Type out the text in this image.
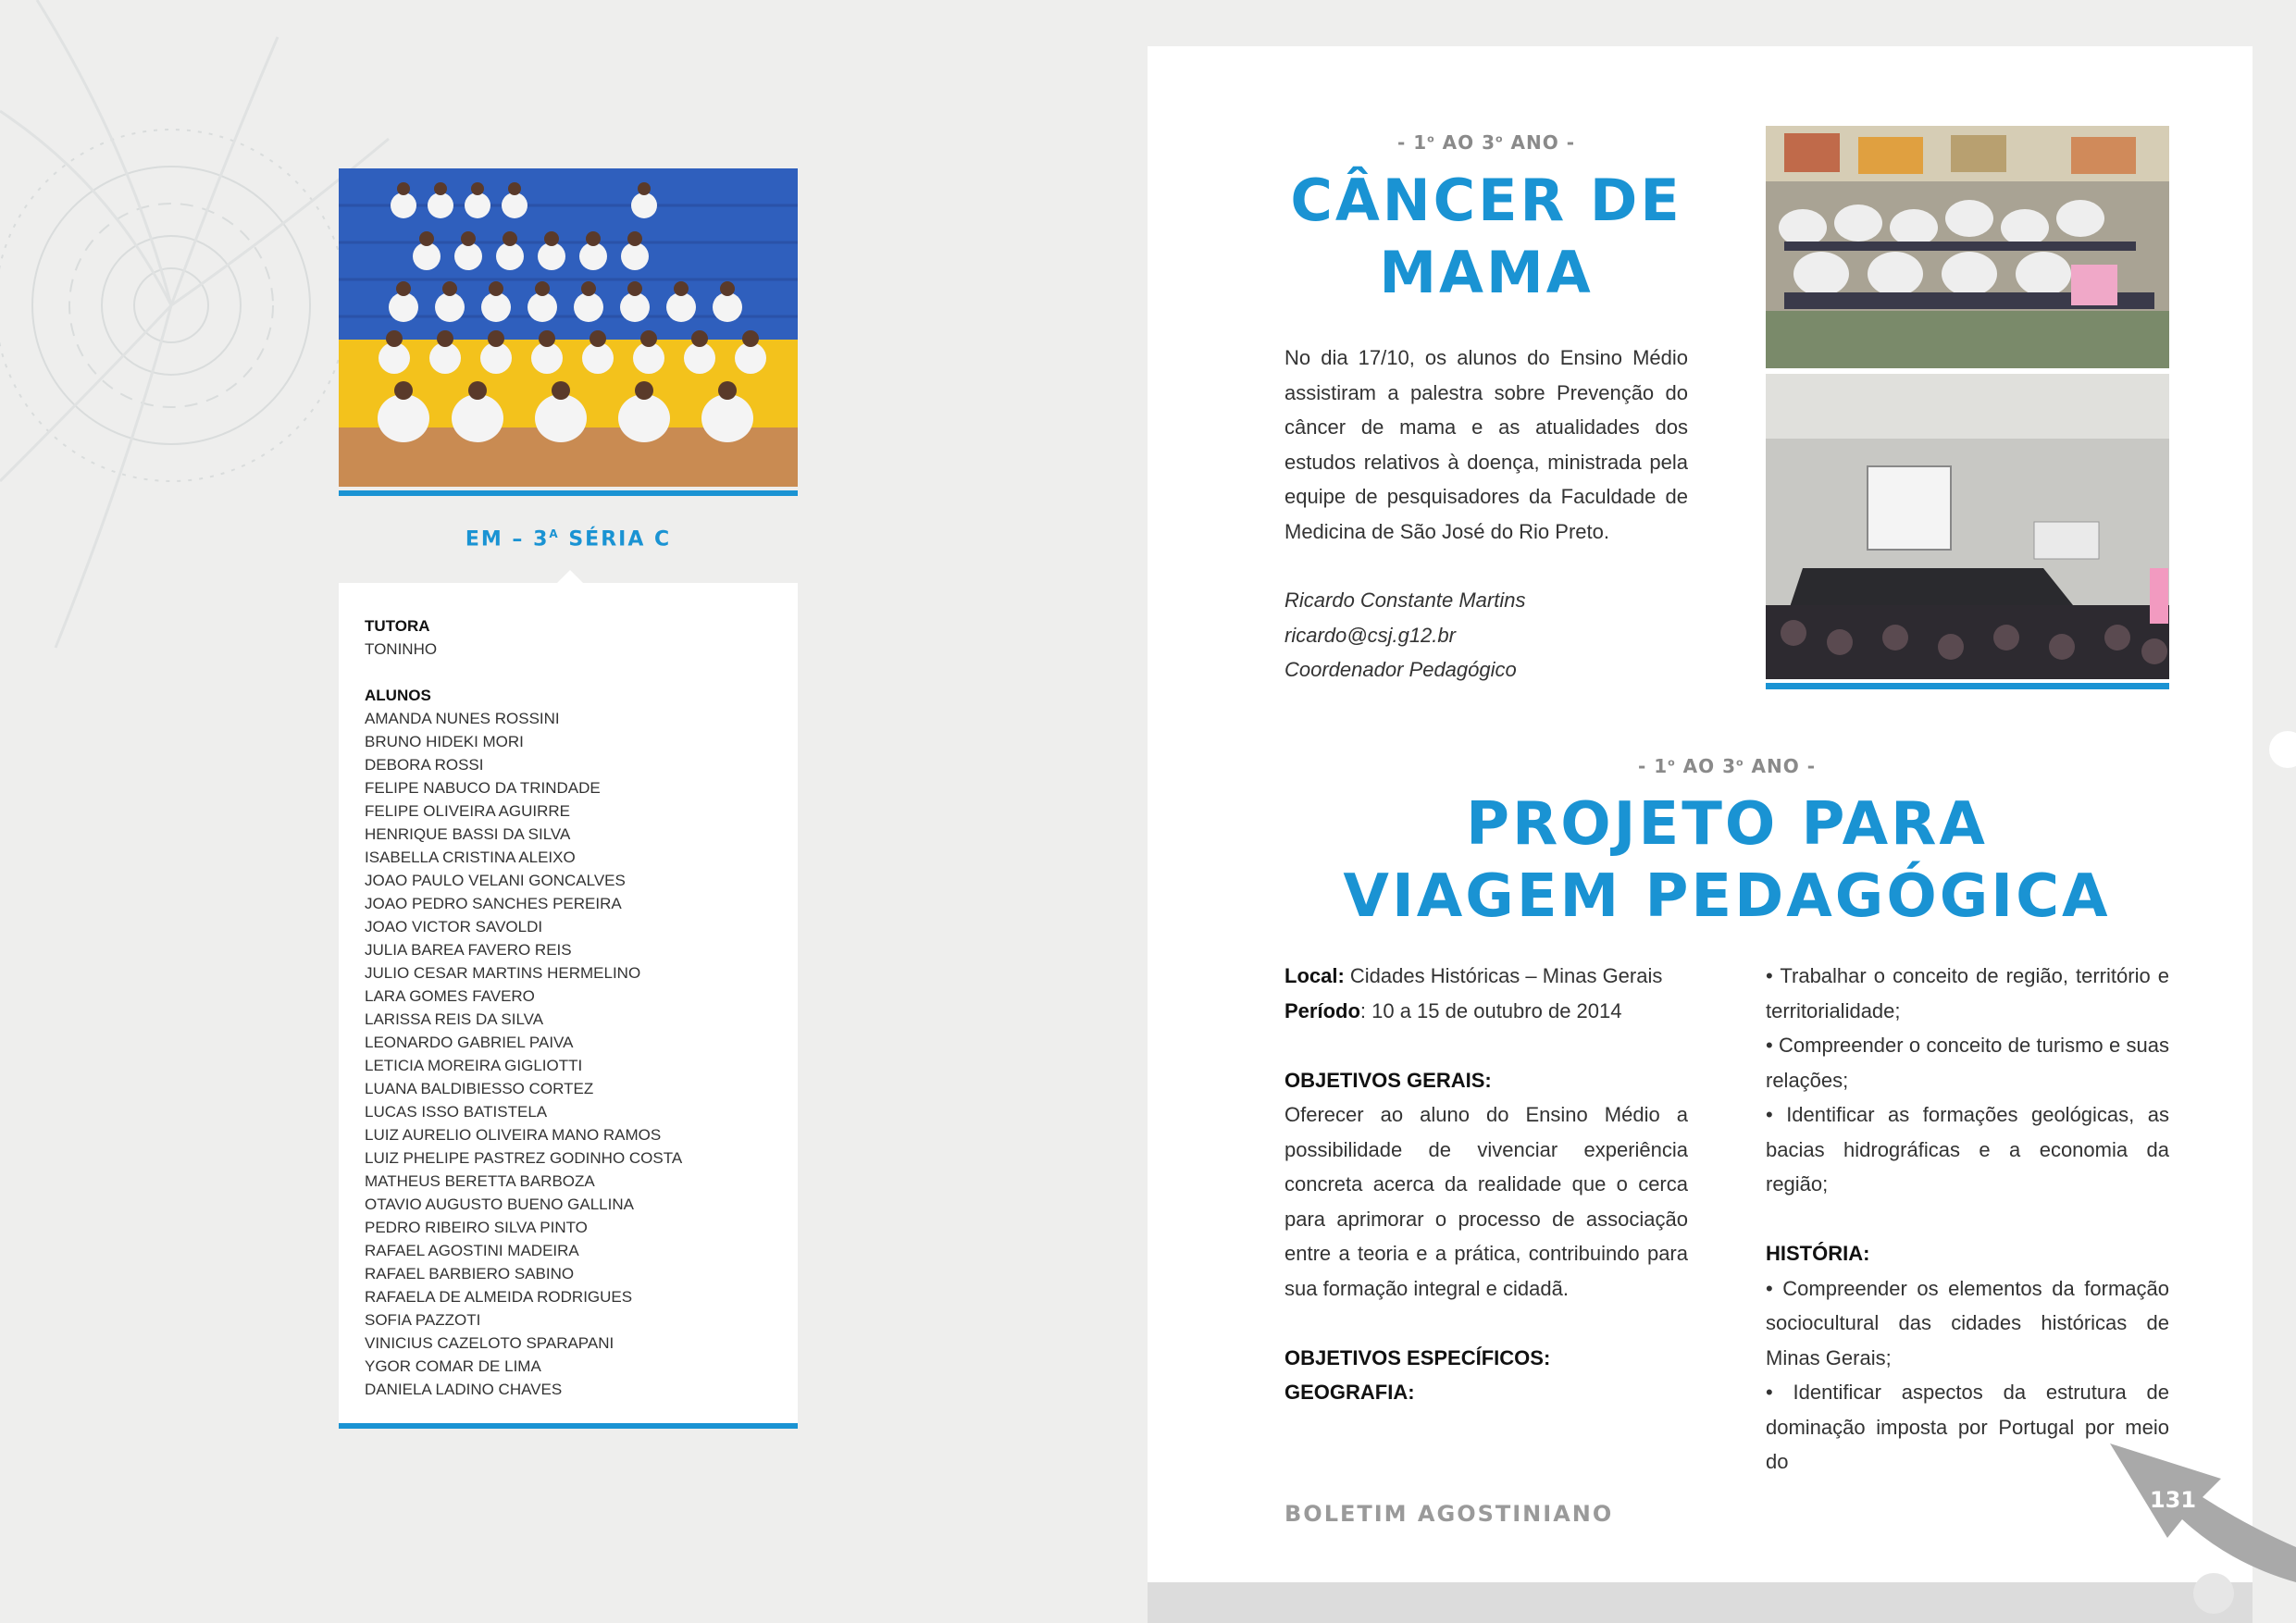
EM – $3^A$ SÉRIA C
TUTORA
TONINHO
ALUNOS
AMANDA NUNES ROSSINI
BRUNO HIDEKI MORI
DEBORA ROSSI
FELIPE NABUCO DA TRINDADE
FELIPE OLIVEIRA AGUIRRE
HENRIQUE BASSI DA SILVA
ISABELLA CRISTINA ALEIXO
JOAO PAULO VELANI GONCALVES
JOAO PEDRO SANCHES PEREIRA
JOAO VICTOR SAVOLDI
JULIA BAREA FAVERO REIS
JULIO CESAR MARTINS HERMELINO
LARA GOMES FAVERO
LARISSA REIS DA SILVA
LEONARDO GABRIEL PAIVA
LETICIA MOREIRA GIGLIOTTI
LUANA BALDIBIESSO CORTEZ
LUCAS ISSO BATISTELA
LUIZ AURELIO OLIVEIRA MANO RAMOS
LUIZ PHELIPE PASTREZ GODINHO COSTA
MATHEUS BERETTA BARBOZA
OTAVIO AUGUSTO BUENO GALLINA
PEDRO RIBEIRO SILVA PINTO
RAFAEL AGOSTINI MADEIRA
RAFAEL BARBIERO SABINO
RAFAELA DE ALMEIDA RODRIGUES
SOFIA PAZZOTI
VINICIUS CAZELOTO SPARAPANI
YGOR COMAR DE LIMA
DANIELA LADINO CHAVES
- 1$^o$ AO 3$^o$ ANO -
CÂNCER DE
MAMA
No dia 17/10, os alunos do Ensino Médio assistiram a palestra sobre Prevenção do câncer de mama e as atualidades dos estudos relativos à doença, ministrada pela equipe de pesquisadores da Faculdade de Medicina de São José do Rio Preto.
Ricardo Constante Martins
ricardo@csj.g12.br
Coordenador Pedagógico
- 1$^o$ AO 3$^o$ ANO -
PROJETO PARA
VIAGEM PEDAGÓGICA

Local: Cidades Históricas – Minas Gerais

Período: 10 a 15 de outubro de 2014

OBJETIVOS GERAIS:

Oferecer ao aluno do Ensino Médio a possibilidade de vivenciar experiência concreta acerca da realidade que o cerca para aprimorar o processo de associação entre a teoria e a prática, contribuindo para sua formação integral e cidadã.

OBJETIVOS ESPECÍFICOS:

GEOGRAFIA:

• Trabalhar o conceito de região, território e territorialidade;

• Compreender o conceito de turismo e suas relações;

• Identificar as formações geológicas, as bacias hidrográficas e a economia da região;

HISTÓRIA:

• Compreender os elementos da formação sociocultural das cidades históricas de Minas Gerais;

• Identificar aspectos da estrutura de dominação imposta por Portugal por meio do

BOLETIM AGOSTINIANO
131
